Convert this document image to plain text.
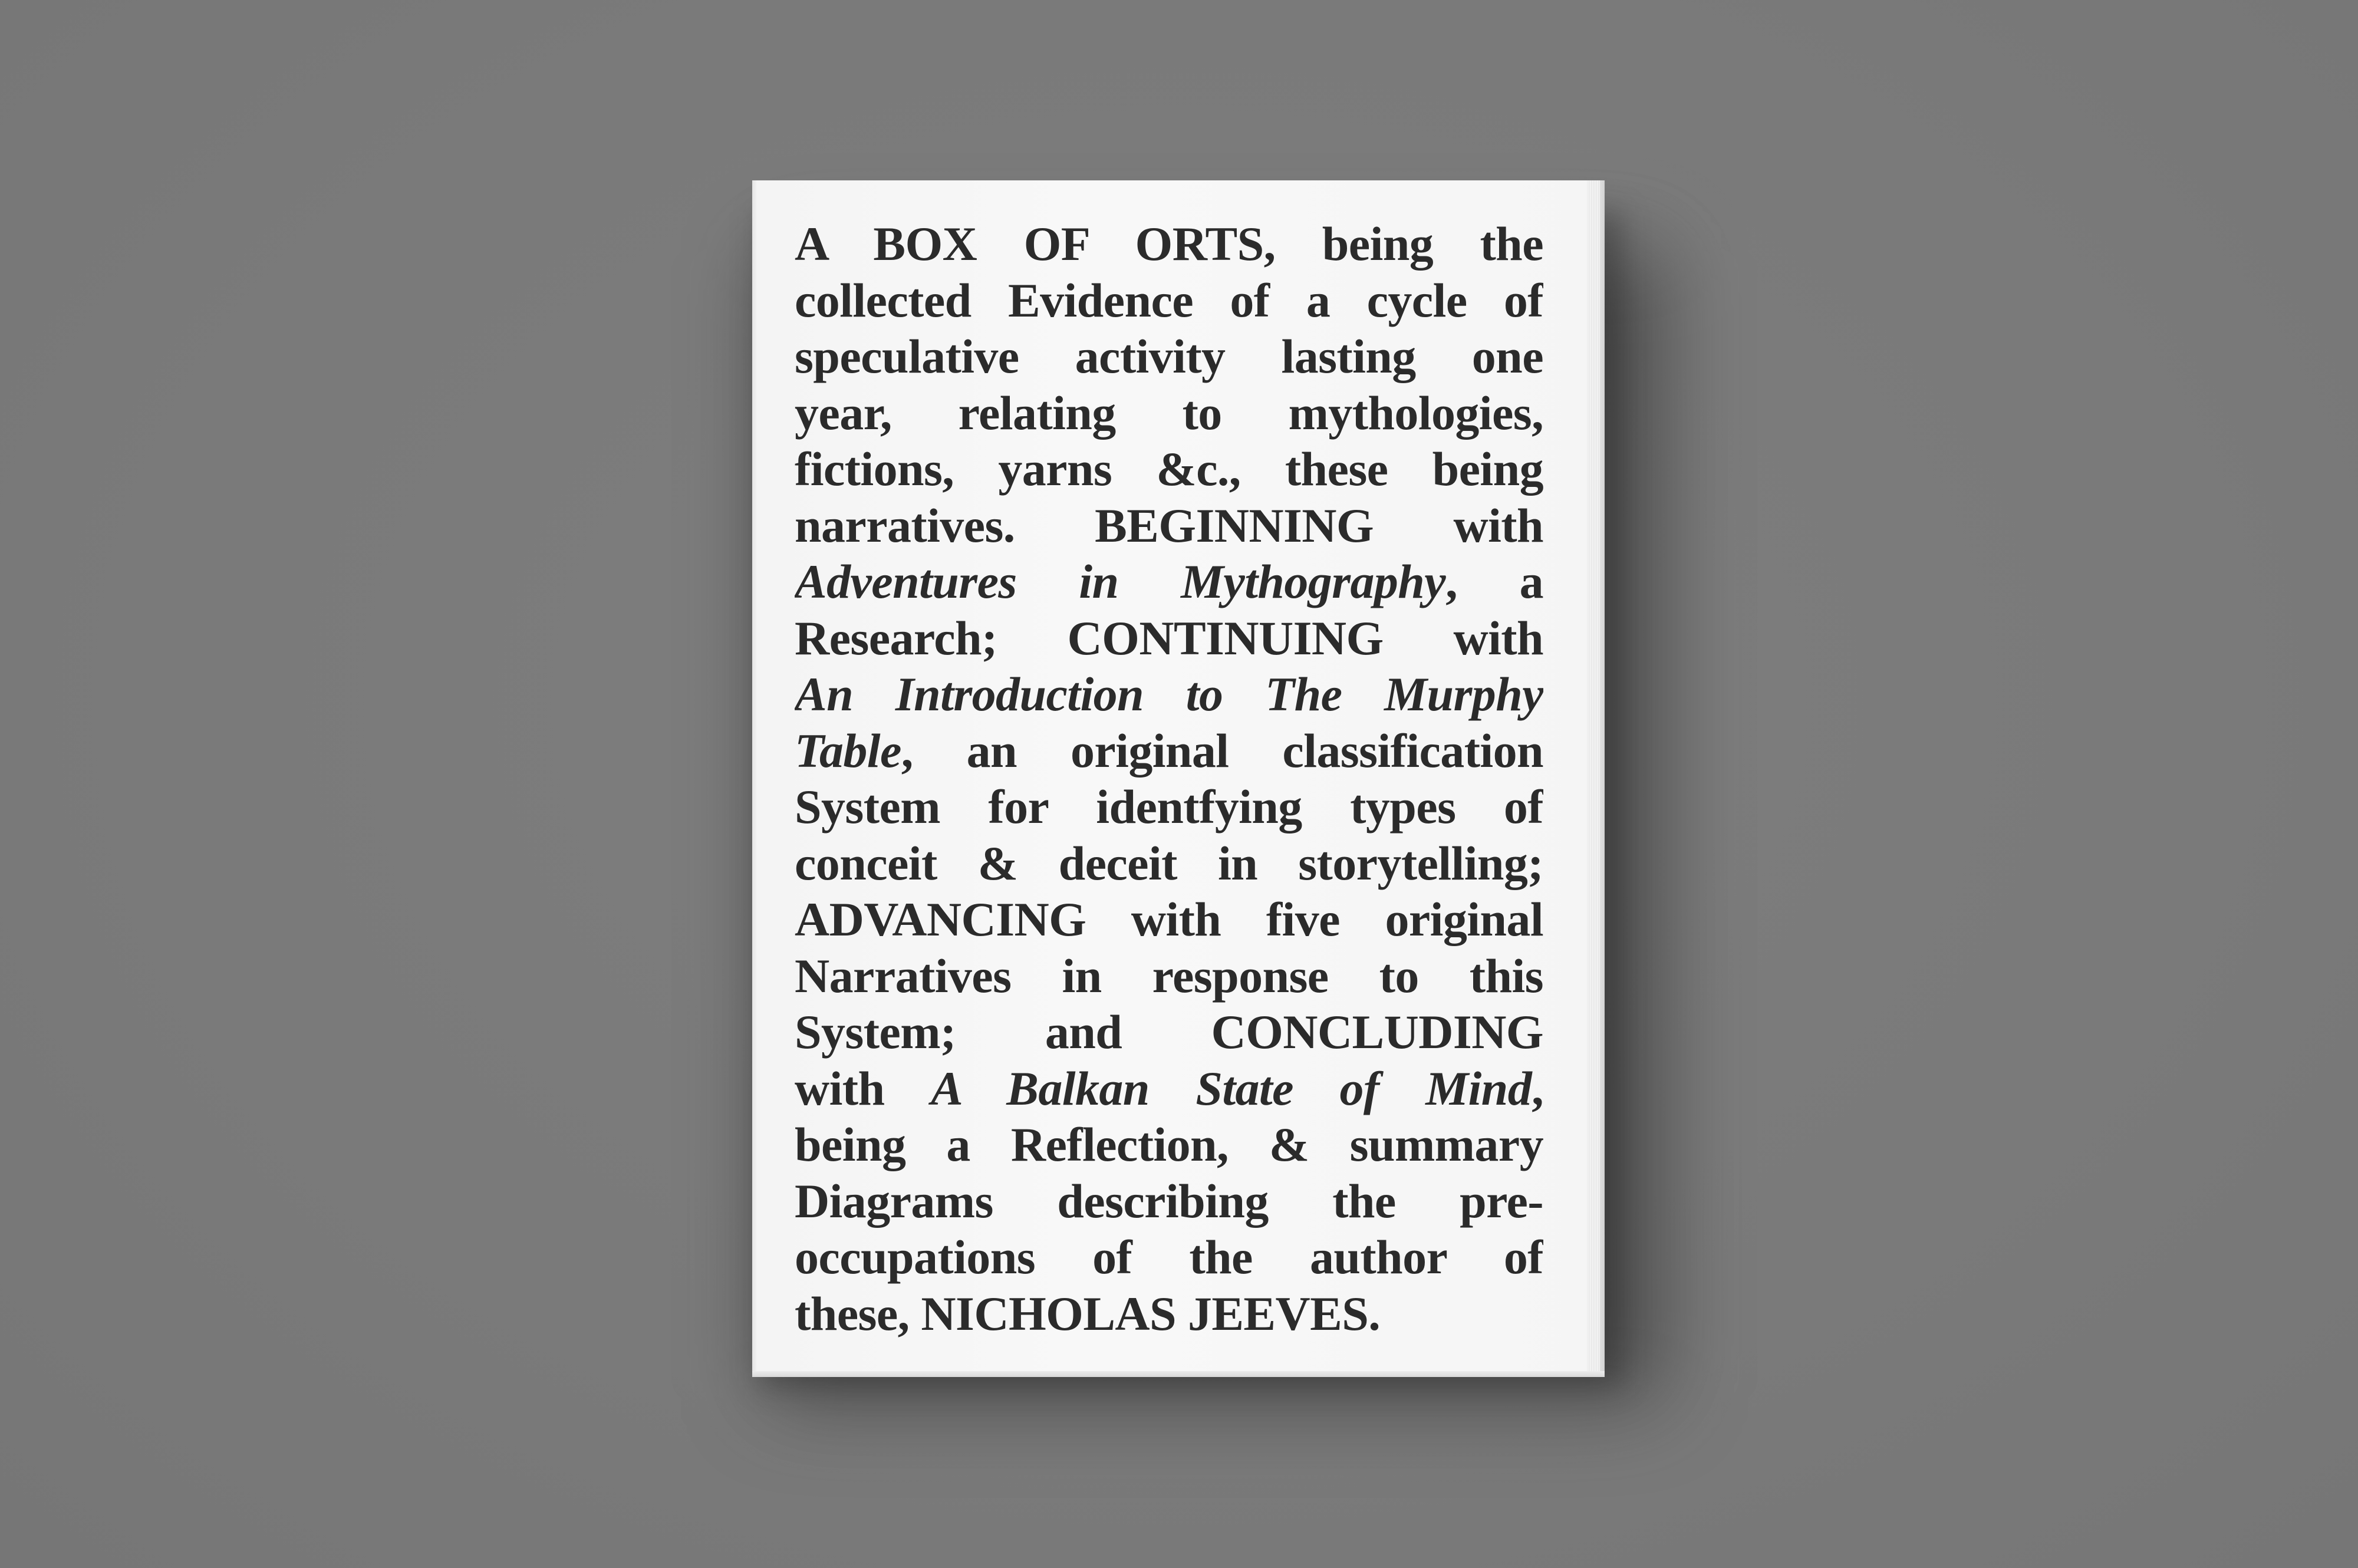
A BOX OF ORTS, being the
collected Evidence of a cycle of
speculative activity lasting one
year, relating to mythologies,
fictions, yarns &c., these being
narratives. BEGINNING with
Adventures in Mythography, a
Research; CONTINUING with
An Introduction to The Murphy
Table, an original classification
System for identfying types of
conceit & deceit in storytelling;
ADVANCING with five original
Narratives in response to this
System; and CONCLUDING
with A Balkan State of Mind,
being a Reflection, & summary
Diagrams describing the pre-
occupations of the author of
these, NICHOLAS JEEVES.
